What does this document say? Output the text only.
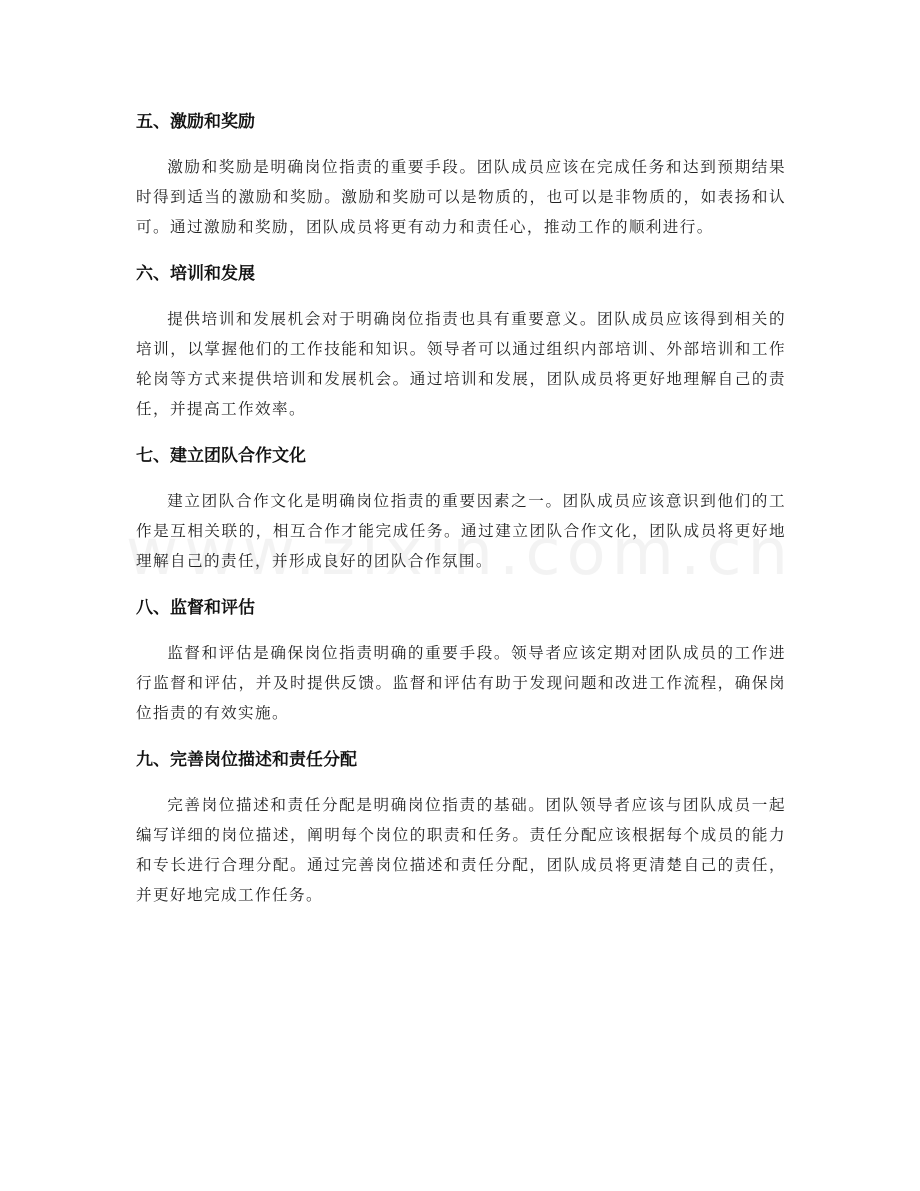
五、激励和奖励

激励和奖励是明确岗位指责的重要手段。团队成员应该在完成任务和达到预期结果时得到适当的激励和奖励。激励和奖励可以是物质的，也可以是非物质的，如表扬和认可。通过激励和奖励，团队成员将更有动力和责任心，推动工作的顺利进行。

六、培训和发展

提供培训和发展机会对于明确岗位指责也具有重要意义。团队成员应该得到相关的培训，以掌握他们的工作技能和知识。领导者可以通过组织内部培训、外部培训和工作轮岗等方式来提供培训和发展机会。通过培训和发展，团队成员将更好地理解自己的责任，并提高工作效率。

七、建立团队合作文化

建立团队合作文化是明确岗位指责的重要因素之一。团队成员应该意识到他们的工作是互相关联的，相互合作才能完成任务。通过建立团队合作文化，团队成员将更好地理解自己的责任，并形成良好的团队合作氛围。

八、监督和评估

监督和评估是确保岗位指责明确的重要手段。领导者应该定期对团队成员的工作进行监督和评估，并及时提供反馈。监督和评估有助于发现问题和改进工作流程，确保岗位指责的有效实施。

九、完善岗位描述和责任分配

完善岗位描述和责任分配是明确岗位指责的基础。团队领导者应该与团队成员一起编写详细的岗位描述，阐明每个岗位的职责和任务。责任分配应该根据每个成员的能力和专长进行合理分配。通过完善岗位描述和责任分配，团队成员将更清楚自己的责任，并更好地完成工作任务。
